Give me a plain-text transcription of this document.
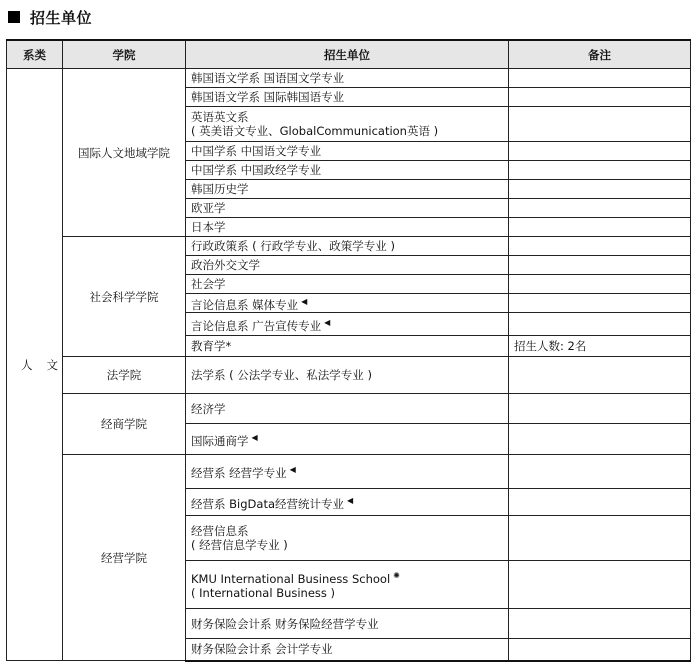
招生单位
系类	学院	招生单位	备注
人文	国际人文地域学院	韩国语文学系 国语国文学专业	
		韩国语文学系 国际韩国语专业	

		英语英文系
( 英美语文专业、GlobalCommunication英语 )	

		中国学系 中国语文学专业	
		中国学系 中国政经学专业	
		韩国历史学	
		欧亚学	
		日本学	
	社会科学学院	行政政策系 ( 行政学专业、政策学专业 )	
		政治外交文学	
		社会学	
		言论信息系 媒体专业 ◀	
		言论信息系 广告宣传专业 ◀	
		教育学*	招生人数: 2名
	法学院	法学系 ( 公法学专业、私法学专业 )	
	经商学院	经济学	
		国际通商学 ◀	
	经营学院	经营系 经营学专业 ◀	
		经营系 BigData经营统计专业 ◀	

		经营信息系
( 经营信息学专业 )	

		KMU International Business School ✺
( International Business )	

		财务保险会计系 财务保险经营学专业	
		财务保险会计系 会计学专业	
